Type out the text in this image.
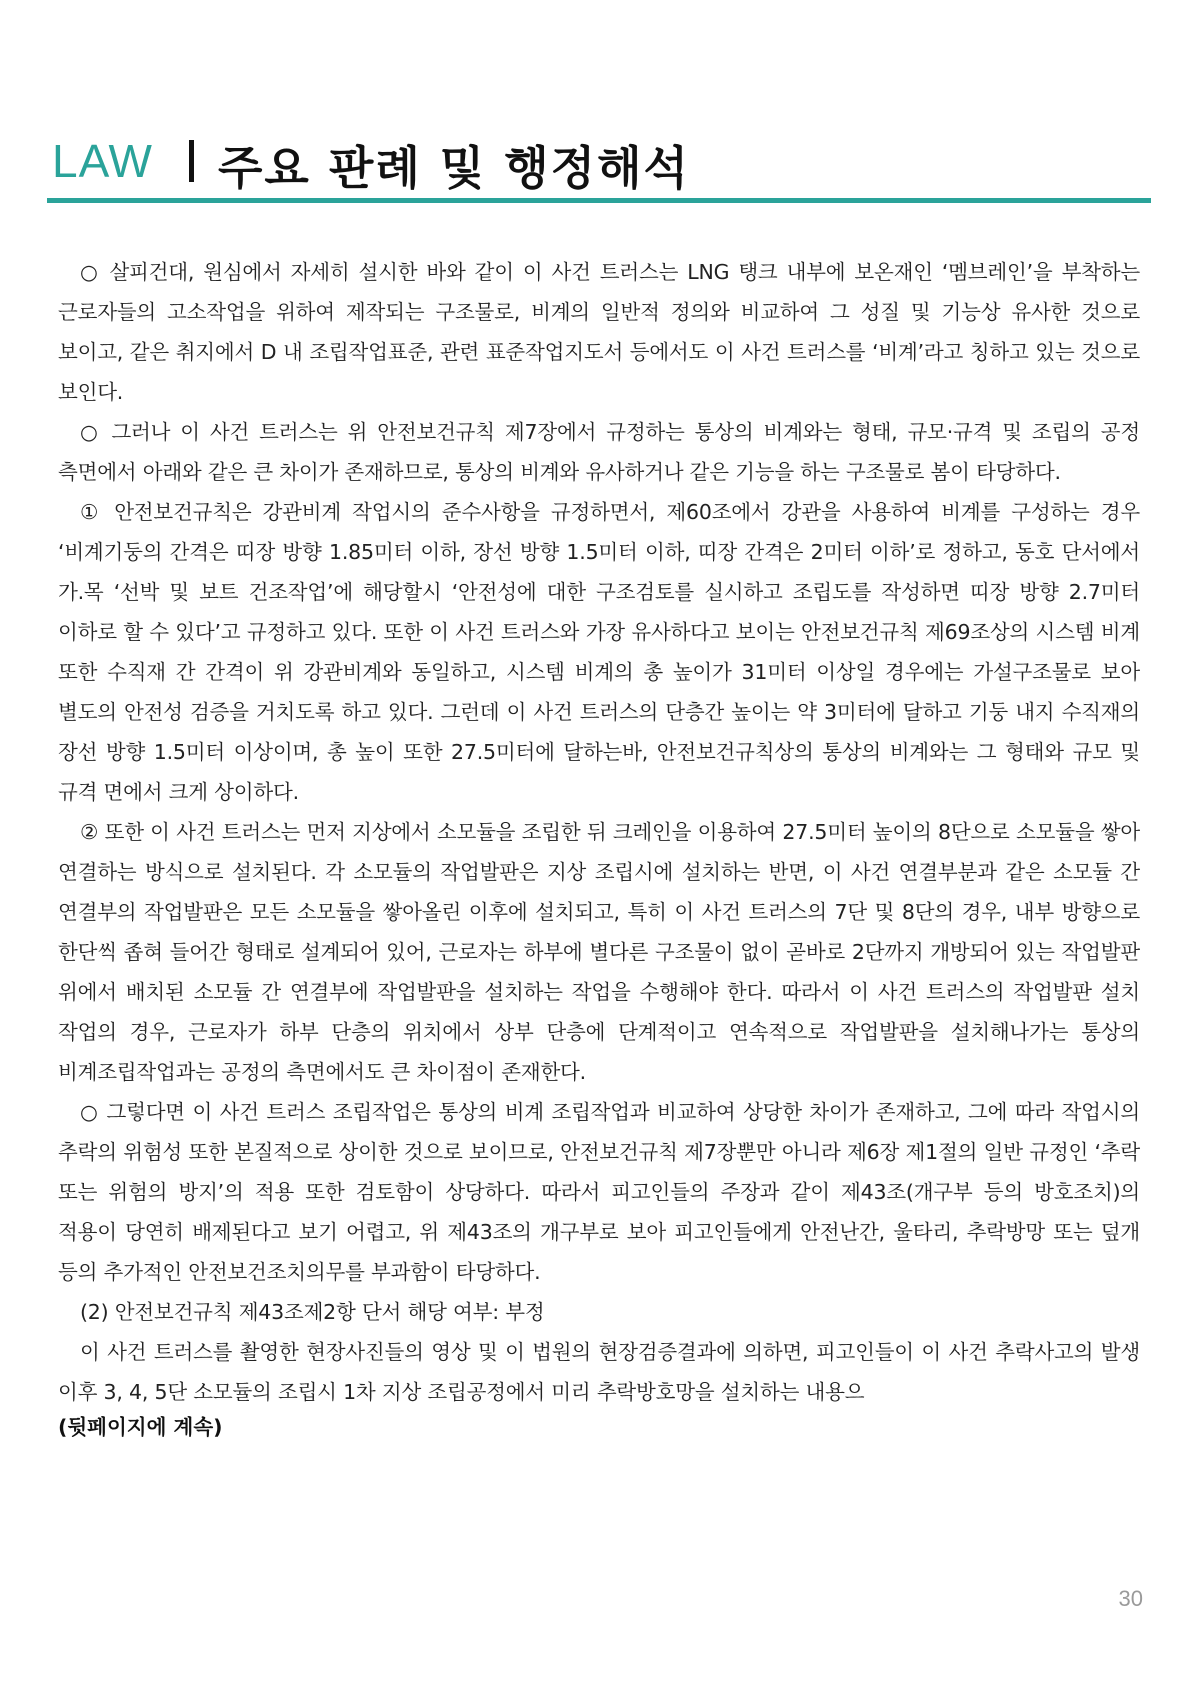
LAW 주요 판례 및 행정해석

○ 살피건대, 원심에서 자세히 설시한 바와 같이 이 사건 트러스는 LNG 탱크 내부에 보온재인 ‘멤브레인’을 부착하는 근로자들의 고소작업을 위하여 제작되는 구조물로, 비계의 일반적 정의와 비교하여 그 성질 및 기능상 유사한 것으로 보이고, 같은 취지에서 D 내 조립작업표준, 관련 표준작업지도서 등에서도 이 사건 트러스를 ‘비계’라고 칭하고 있는 것으로 보인다.

○ 그러나 이 사건 트러스는 위 안전보건규칙 제7장에서 규정하는 통상의 비계와는 형태, 규모·규격 및 조립의 공정 측면에서 아래와 같은 큰 차이가 존재하므로, 통상의 비계와 유사하거나 같은 기능을 하는 구조물로 봄이 타당하다.

① 안전보건규칙은 강관비계 작업시의 준수사항을 규정하면서, 제60조에서 강관을 사용하여 비계를 구성하는 경우 ‘비계기둥의 간격은 띠장 방향 1.85미터 이하, 장선 방향 1.5미터 이하, 띠장 간격은 2미터 이하’로 정하고, 동호 단서에서 가.목 ‘선박 및 보트 건조작업’에 해당할시 ‘안전성에 대한 구조검토를 실시하고 조립도를 작성하면 띠장 방향 2.7미터 이하로 할 수 있다’고 규정하고 있다. 또한 이 사건 트러스와 가장 유사하다고 보이는 안전보건규칙 제69조상의 시스템 비계 또한 수직재 간 간격이 위 강관비계와 동일하고, 시스템 비계의 총 높이가 31미터 이상일 경우에는 가설구조물로 보아 별도의 안전성 검증을 거치도록 하고 있다. 그런데 이 사건 트러스의 단층간 높이는 약 3미터에 달하고 기둥 내지 수직재의 장선 방향 1.5미터 이상이며, 총 높이 또한 27.5미터에 달하는바, 안전보건규칙상의 통상의 비계와는 그 형태와 규모 및 규격 면에서 크게 상이하다.

② 또한 이 사건 트러스는 먼저 지상에서 소모듈을 조립한 뒤 크레인을 이용하여 27.5미터 높이의 8단으로 소모듈을 쌓아 연결하는 방식으로 설치된다. 각 소모듈의 작업발판은 지상 조립시에 설치하는 반면, 이 사건 연결부분과 같은 소모듈 간 연결부의 작업발판은 모든 소모듈을 쌓아올린 이후에 설치되고, 특히 이 사건 트러스의 7단 및 8단의 경우, 내부 방향으로 한단씩 좁혀 들어간 형태로 설계되어 있어, 근로자는 하부에 별다른 구조물이 없이 곧바로 2단까지 개방되어 있는 작업발판 위에서 배치된 소모듈 간 연결부에 작업발판을 설치하는 작업을 수행해야 한다. 따라서 이 사건 트러스의 작업발판 설치 작업의 경우, 근로자가 하부 단층의 위치에서 상부 단층에 단계적이고 연속적으로 작업발판을 설치해나가는 통상의 비계조립작업과는 공정의 측면에서도 큰 차이점이 존재한다.

○ 그렇다면 이 사건 트러스 조립작업은 통상의 비계 조립작업과 비교하여 상당한 차이가 존재하고, 그에 따라 작업시의 추락의 위험성 또한 본질적으로 상이한 것으로 보이므로, 안전보건규칙 제7장뿐만 아니라 제6장 제1절의 일반 규정인 ‘추락 또는 위험의 방지’의 적용 또한 검토함이 상당하다. 따라서 피고인들의 주장과 같이 제43조(개구부 등의 방호조치)의 적용이 당연히 배제된다고 보기 어렵고, 위 제43조의 개구부로 보아 피고인들에게 안전난간, 울타리, 추락방망 또는 덮개 등의 추가적인 안전보건조치의무를 부과함이 타당하다.

(2) 안전보건규칙 제43조제2항 단서 해당 여부: 부정

이 사건 트러스를 촬영한 현장사진들의 영상 및 이 법원의 현장검증결과에 의하면, 피고인들이 이 사건 추락사고의 발생 이후 3, 4, 5단 소모듈의 조립시 1차 지상 조립공정에서 미리 추락방호망을 설치하는 내용으

(뒷페이지에 계속)

30
